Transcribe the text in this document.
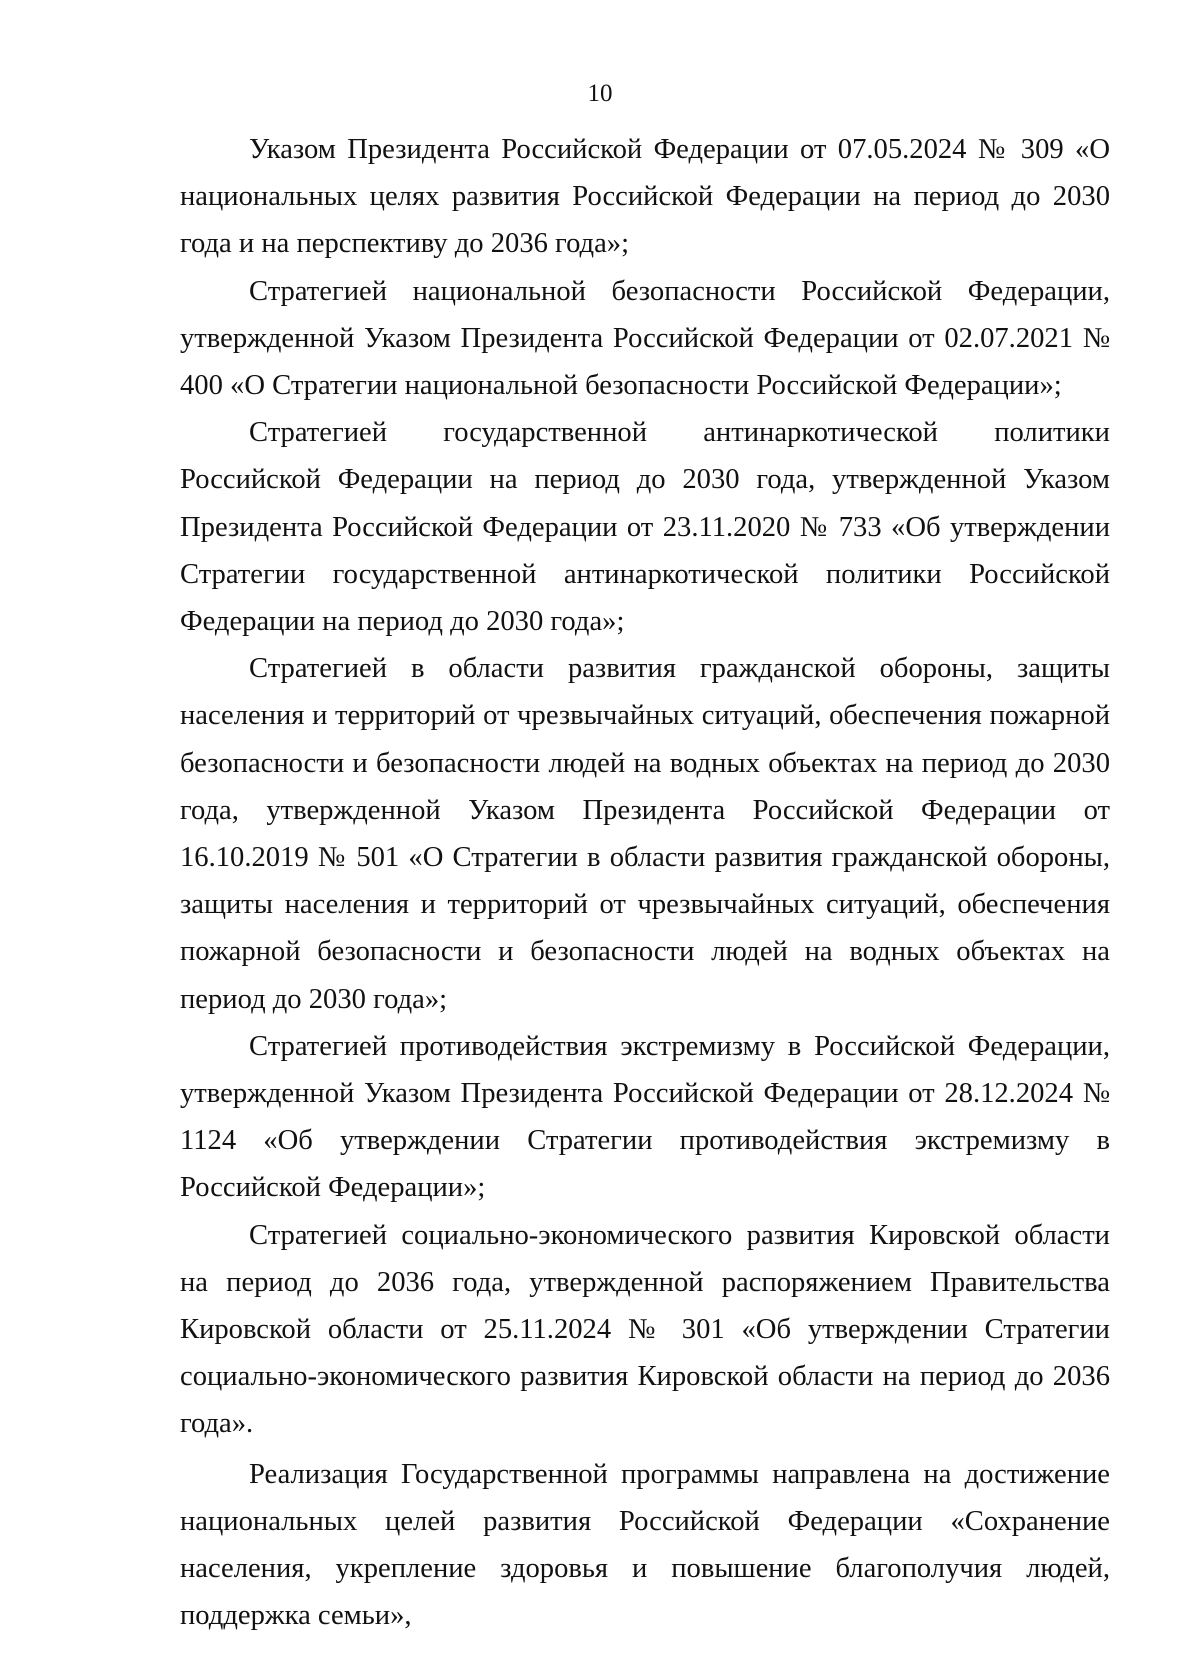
10

Указом Президента Российской Федерации от 07.05.2024 № 309 «О национальных целях развития Российской Федерации на период до 2030 года и на перспективу до 2036 года»;

Стратегией национальной безопасности Российской Федерации, утвержденной Указом Президента Российской Федерации от 02.07.2021 № 400 «О Стратегии национальной безопасности Российской Федерации»;

Стратегией государственной антинаркотической политики Российской Федерации на период до 2030 года, утвержденной Указом Президента Российской Федерации от 23.11.2020 № 733 «Об утверждении Стратегии государственной антинаркотической политики Российской Федерации на период до 2030 года»;

Стратегией в области развития гражданской обороны, защиты населения и территорий от чрезвычайных ситуаций, обеспечения пожарной безопасности и безопасности людей на водных объектах на период до 2030 года, утвержденной Указом Президента Российской Федерации от 16.10.2019 № 501 «О Стратегии в области развития гражданской обороны, защиты населения и территорий от чрезвычайных ситуаций, обеспечения пожарной безопасности и безопасности людей на водных объектах на период до 2030 года»;

Стратегией противодействия экстремизму в Российской Федерации, утвержденной Указом Президента Российской Федерации от 28.12.2024 № 1124 «Об утверждении Стратегии противодействия экстремизму в Российской Федерации»;

Стратегией социально-экономического развития Кировской области на период до 2036 года, утвержденной распоряжением Правительства Кировской области от 25.11.2024 № 301 «Об утверждении Стратегии социально-экономического развития Кировской области на период до 2036 года».

Реализация Государственной программы направлена на достижение национальных целей развития Российской Федерации «Сохранение населения, укрепление здоровья и повышение благополучия людей, поддержка семьи»,
